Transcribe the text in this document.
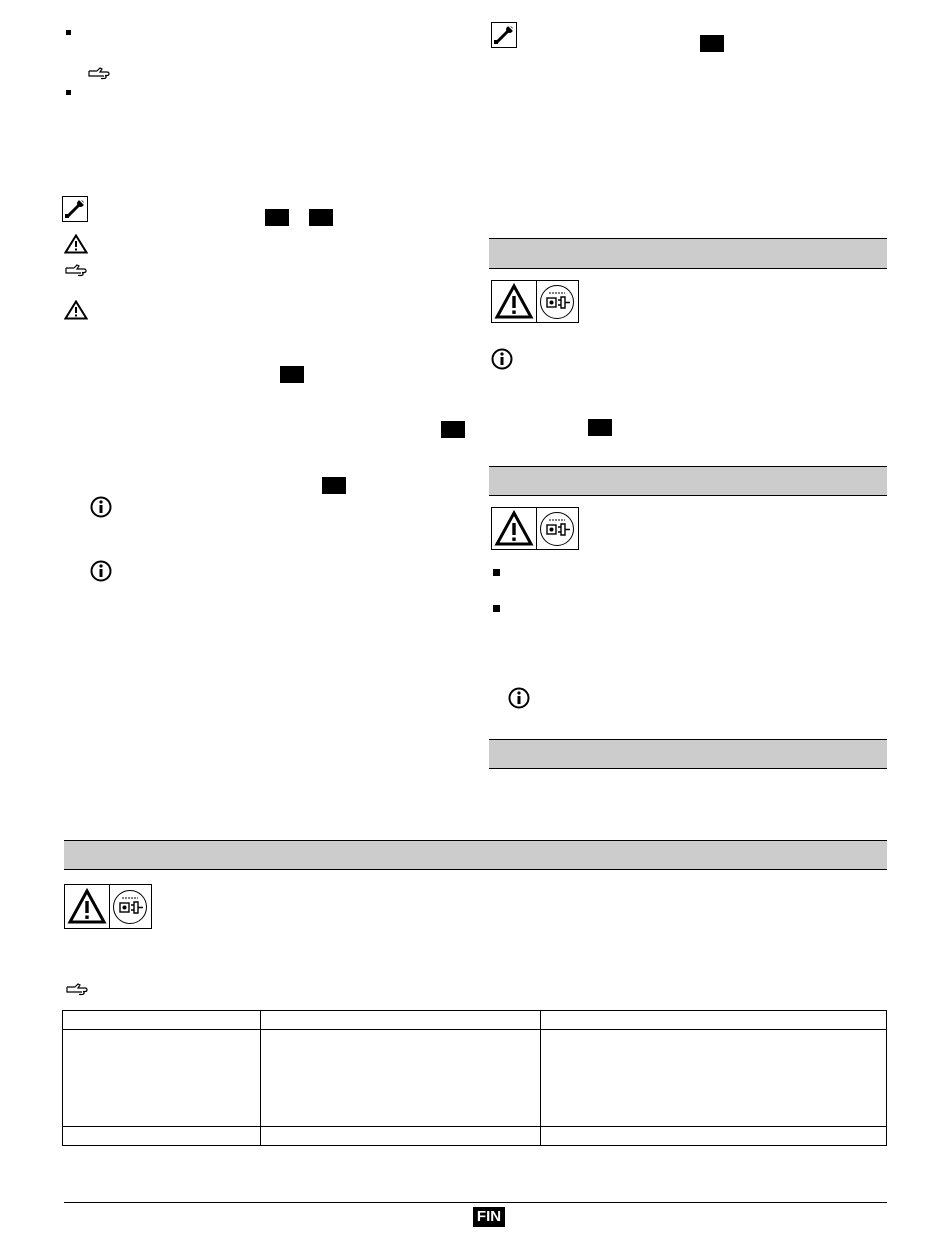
FIN
